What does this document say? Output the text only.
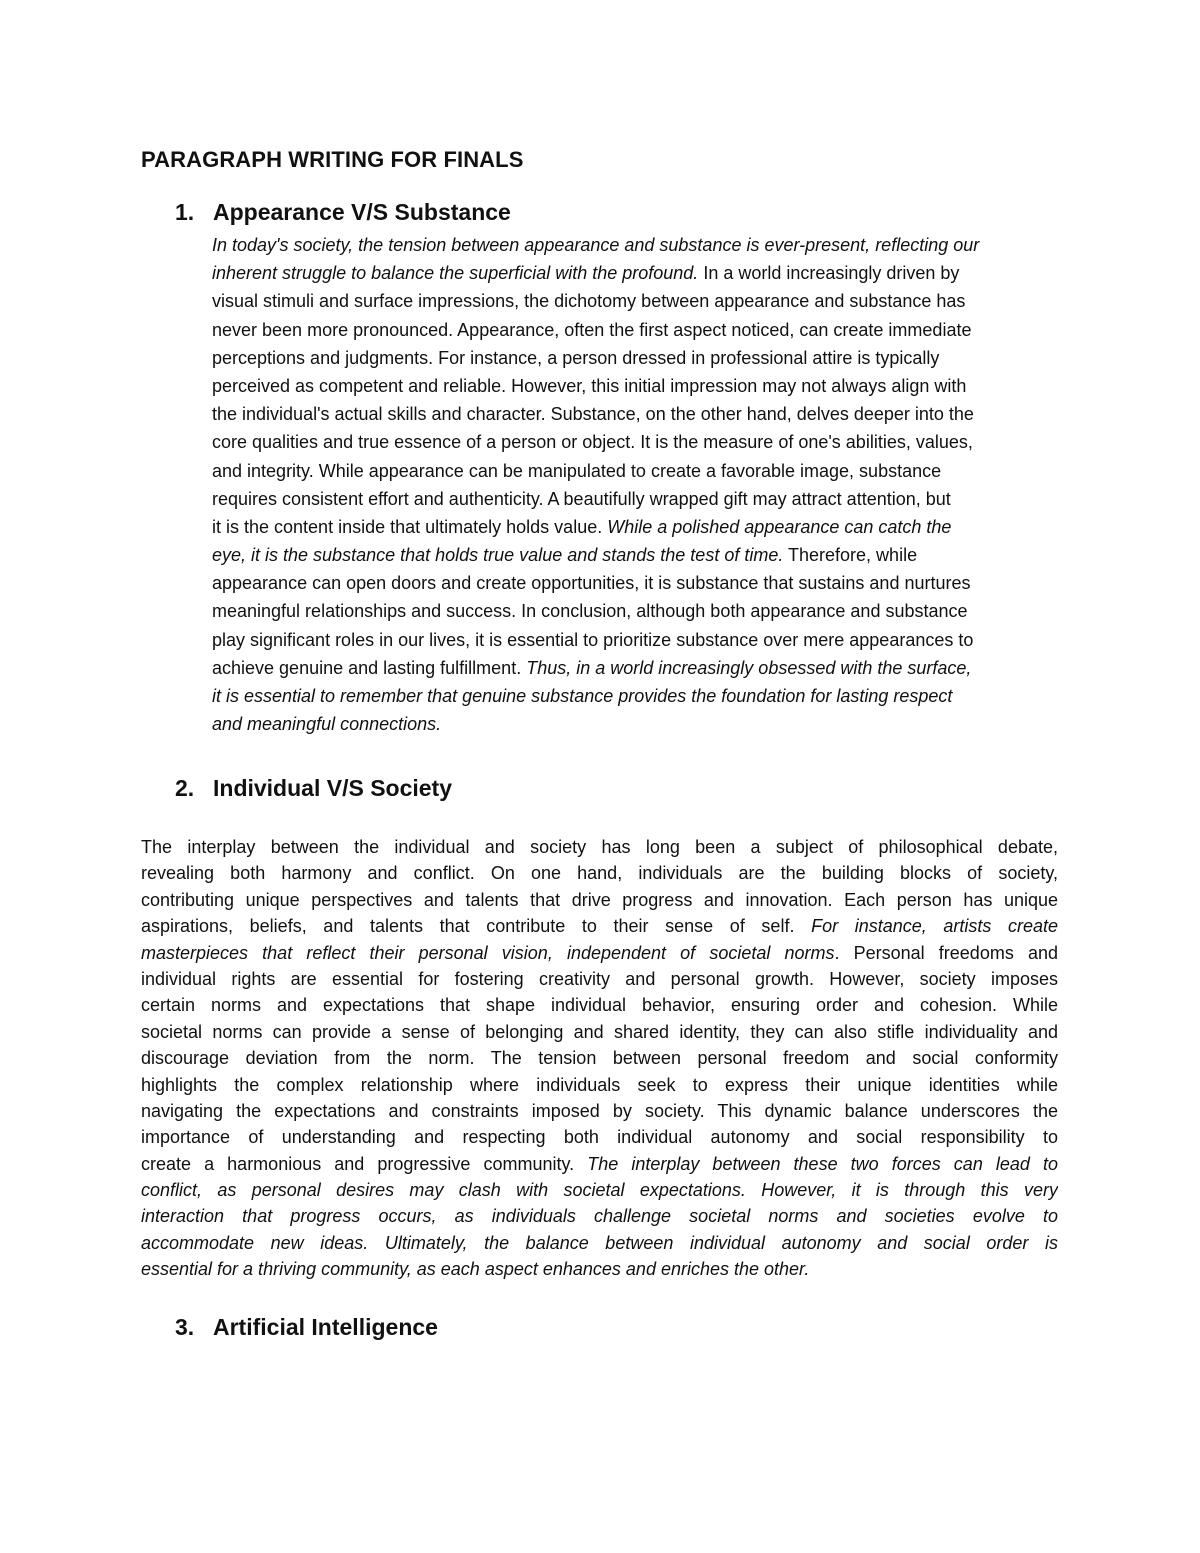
PARAGRAPH WRITING FOR FINALS
1. Appearance V/S Substance
In today's society, the tension between appearance and substance is ever-present, reflecting our
inherent struggle to balance the superficial with the profound. In a world increasingly driven by
visual stimuli and surface impressions, the dichotomy between appearance and substance has
never been more pronounced. Appearance, often the first aspect noticed, can create immediate
perceptions and judgments. For instance, a person dressed in professional attire is typically
perceived as competent and reliable. However, this initial impression may not always align with
the individual's actual skills and character. Substance, on the other hand, delves deeper into the
core qualities and true essence of a person or object. It is the measure of one's abilities, values,
and integrity. While appearance can be manipulated to create a favorable image, substance
requires consistent effort and authenticity. A beautifully wrapped gift may attract attention, but
it is the content inside that ultimately holds value. While a polished appearance can catch the
eye, it is the substance that holds true value and stands the test of time. Therefore, while
appearance can open doors and create opportunities, it is substance that sustains and nurtures
meaningful relationships and success. In conclusion, although both appearance and substance
play significant roles in our lives, it is essential to prioritize substance over mere appearances to
achieve genuine and lasting fulfillment. Thus, in a world increasingly obsessed with the surface,
it is essential to remember that genuine substance provides the foundation for lasting respect
and meaningful connections.
2. Individual V/S Society
The interplay between the individual and society has long been a subject of philosophical debate,
revealing both harmony and conflict. On one hand, individuals are the building blocks of society,
contributing unique perspectives and talents that drive progress and innovation. Each person has unique
aspirations, beliefs, and talents that contribute to their sense of self. For instance, artists create
masterpieces that reflect their personal vision, independent of societal norms. Personal freedoms and
individual rights are essential for fostering creativity and personal growth. However, society imposes
certain norms and expectations that shape individual behavior, ensuring order and cohesion. While
societal norms can provide a sense of belonging and shared identity, they can also stifle individuality and
discourage deviation from the norm. The tension between personal freedom and social conformity
highlights the complex relationship where individuals seek to express their unique identities while
navigating the expectations and constraints imposed by society. This dynamic balance underscores the
importance of understanding and respecting both individual autonomy and social responsibility to
create a harmonious and progressive community. The interplay between these two forces can lead to
conflict, as personal desires may clash with societal expectations. However, it is through this very
interaction that progress occurs, as individuals challenge societal norms and societies evolve to
accommodate new ideas. Ultimately, the balance between individual autonomy and social order is
essential for a thriving community, as each aspect enhances and enriches the other.
3. Artificial Intelligence
